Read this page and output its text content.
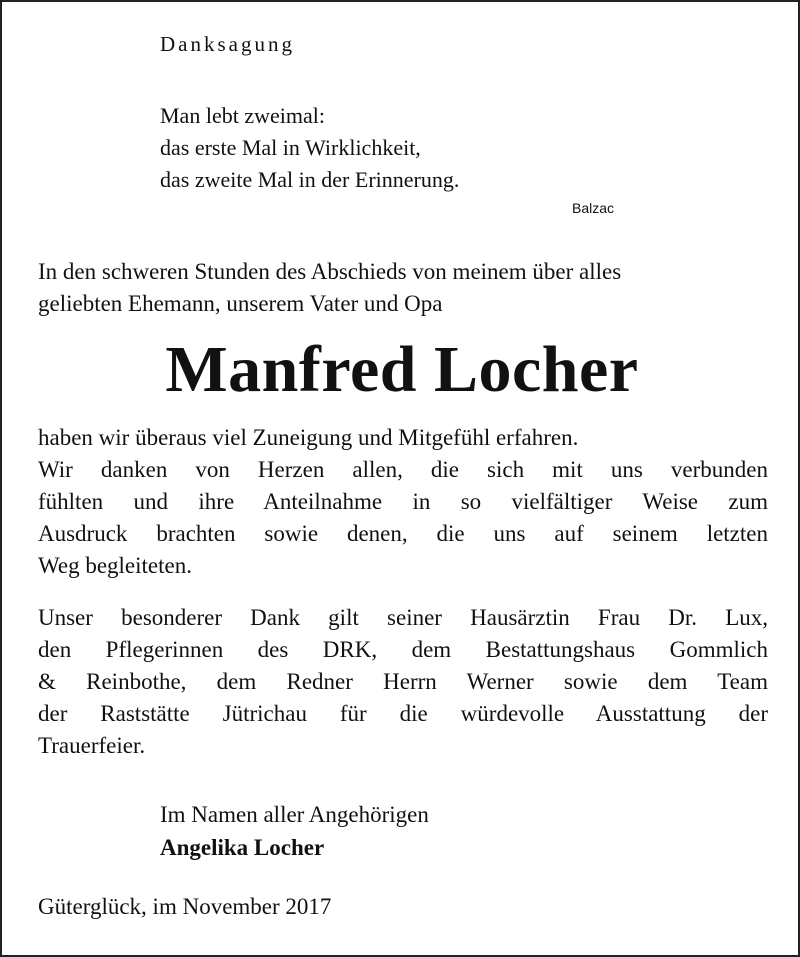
Danksagung
Man lebt zweimal:
das erste Mal in Wirklichkeit,
das zweite Mal in der Erinnerung.
Balzac
In den schweren Stunden des Abschieds von meinem über alles
geliebten Ehemann, unserem Vater und Opa
Manfred Locher
haben wir überaus viel Zuneigung und Mitgefühl erfahren.
Wir danken von Herzen allen, die sich mit uns verbunden
fühlten und ihre Anteilnahme in so vielfältiger Weise zum
Ausdruck brachten sowie denen, die uns auf seinem letzten
Weg begleiteten.
Unser besonderer Dank gilt seiner Hausärztin Frau Dr. Lux,
den Pflegerinnen des DRK, dem Bestattungshaus Gommlich
& Reinbothe, dem Redner Herrn Werner sowie dem Team
der Raststätte Jütrichau für die würdevolle Ausstattung der
Trauerfeier.
Im Namen aller Angehörigen
Angelika Locher
Güterglück, im November 2017
